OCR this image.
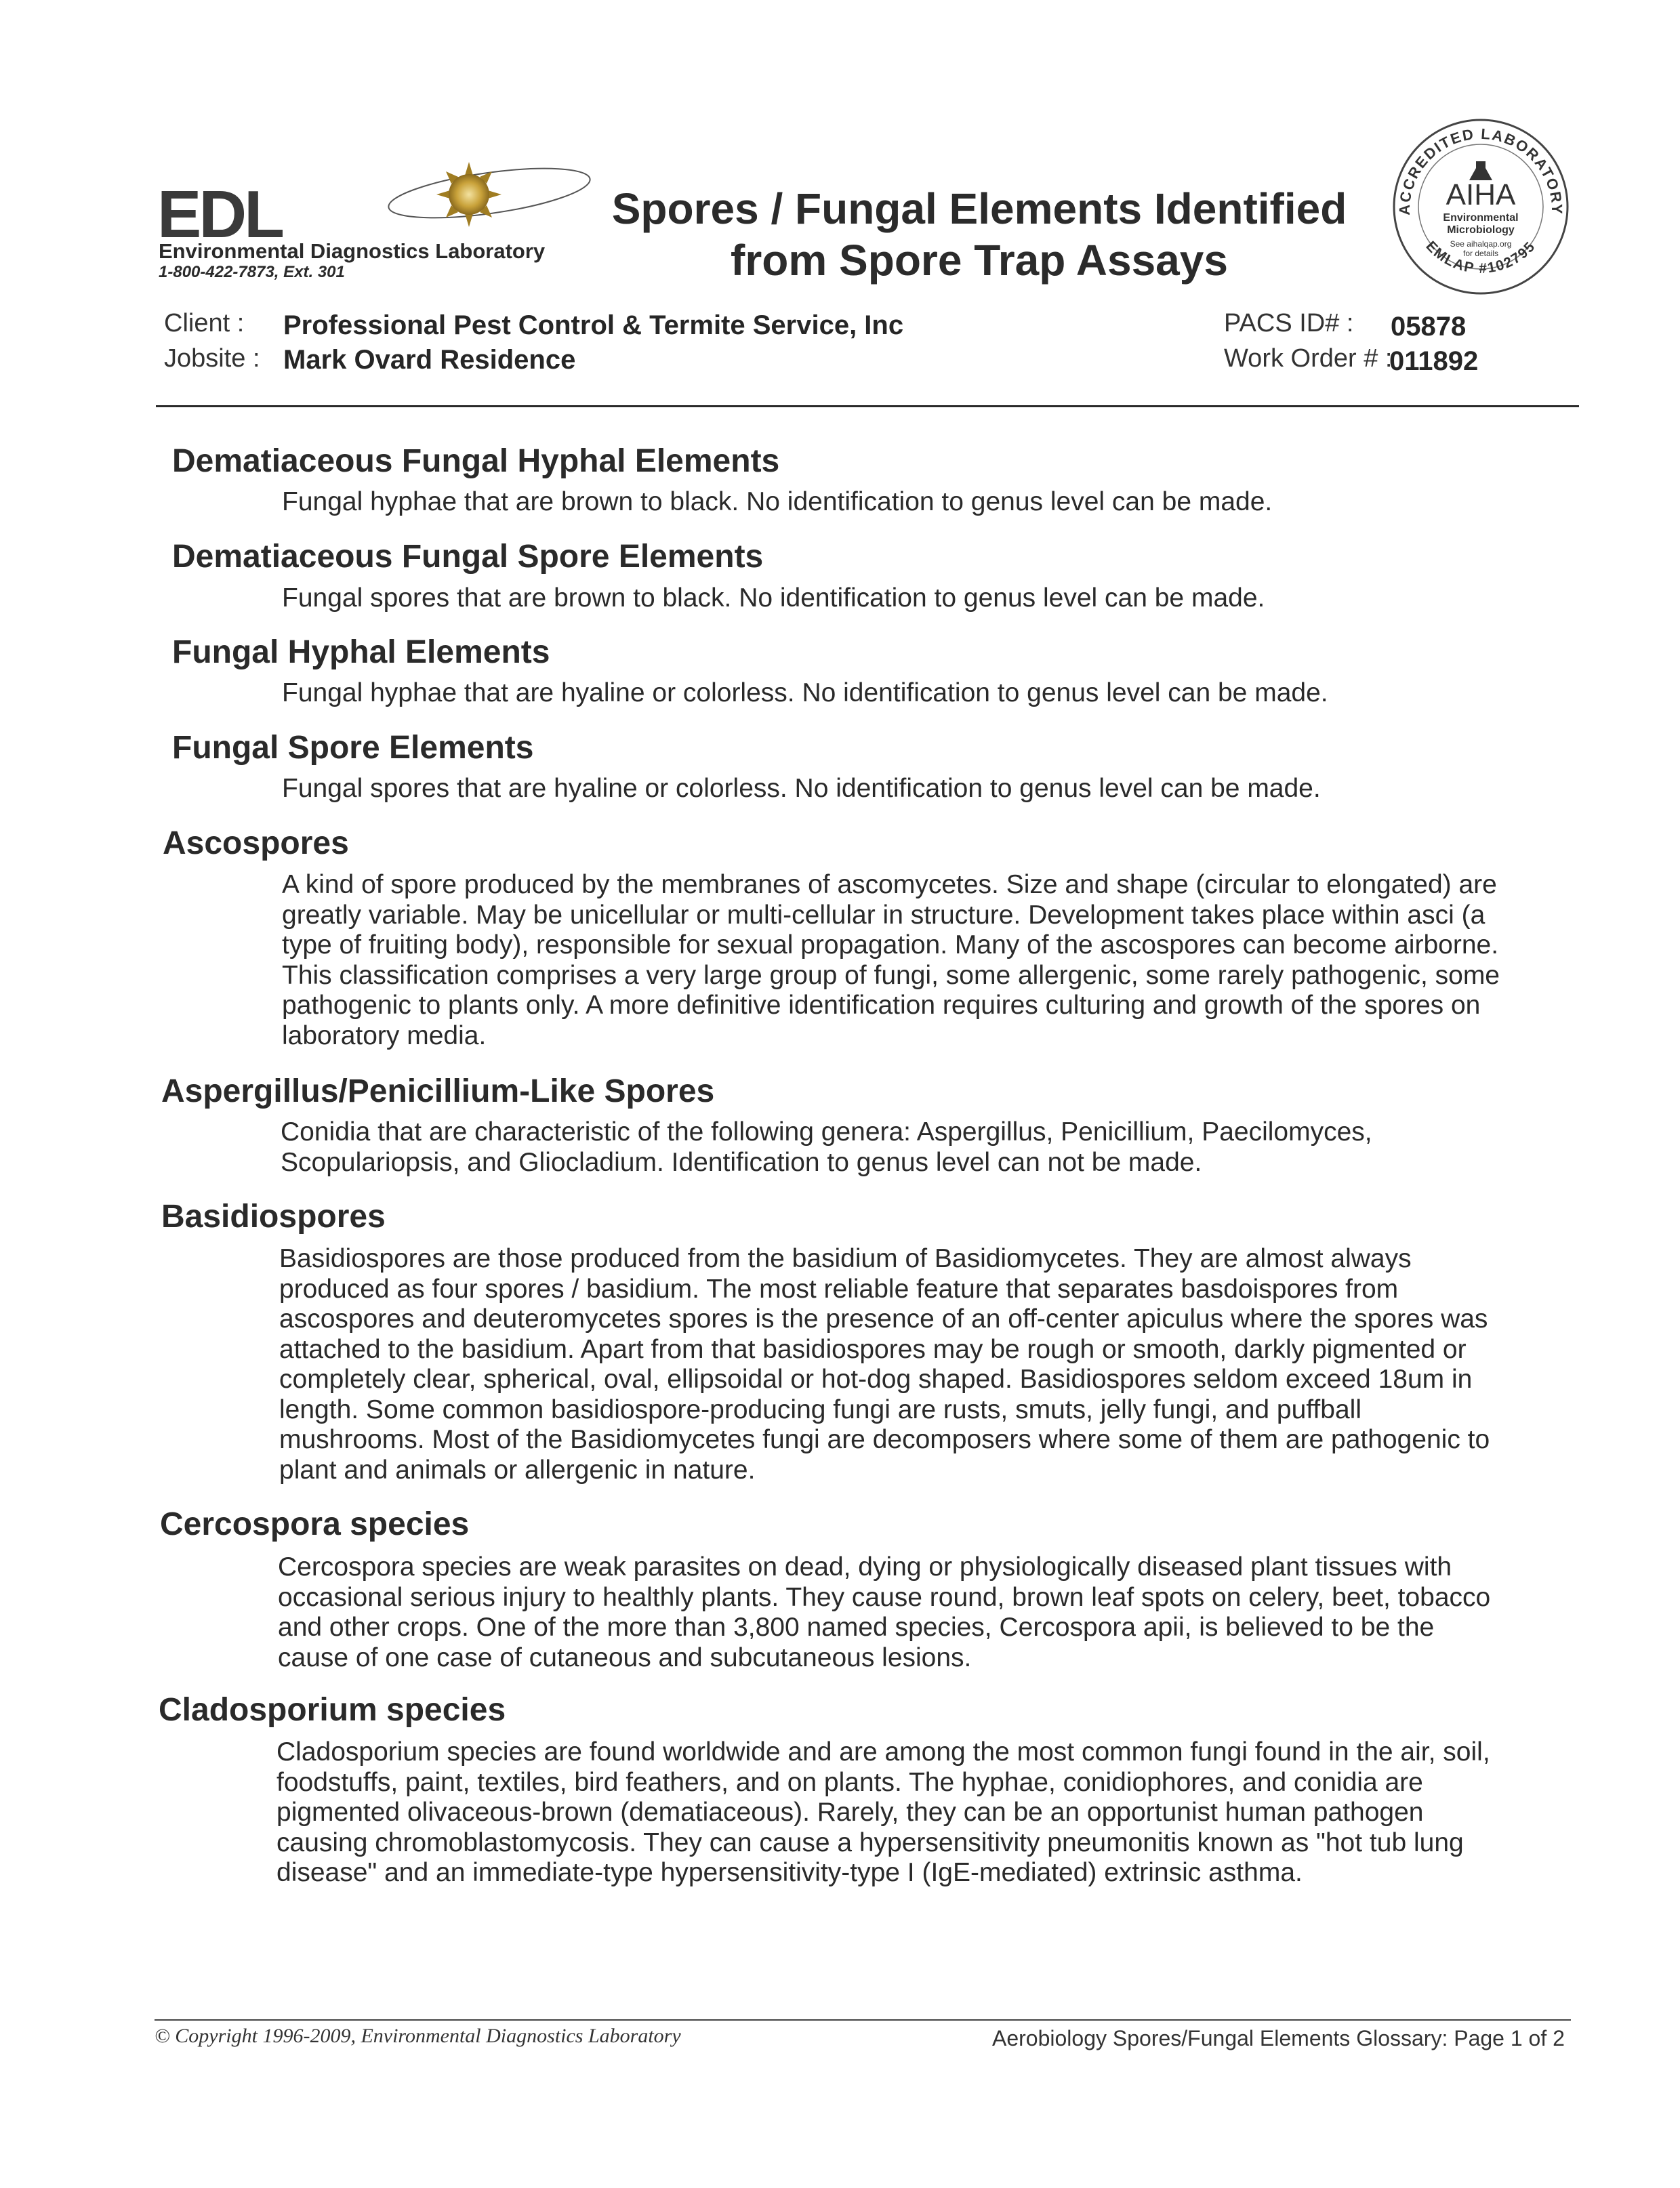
EDL
Environmental Diagnostics Laboratory
1-800-422-7873, Ext. 301
Spores / Fungal Elements Identified
from Spore Trap Assays
ACCREDITED LABORATORY
EMLAP #102795
AIHA
Environmental
Microbiology
See aihalqap.org
for details
Client : Professional Pest Control & Termite Service, Inc
Jobsite : Mark Ovard Residence
PACS ID# : 05878
Work Order # :
011892
Dematiaceous Fungal Hyphal Elements
Fungal hyphae that are brown to black. No identification to genus level can be made.
Dematiaceous Fungal Spore Elements
Fungal spores that are brown to black. No identification to genus level can be made.
Fungal Hyphal Elements
Fungal hyphae that are hyaline or colorless. No identification to genus level can be made.
Fungal Spore Elements
Fungal spores that are hyaline or colorless. No identification to genus level can be made.
Ascospores
A kind of spore produced by the membranes of ascomycetes. Size and shape (circular to elongated) are
greatly variable. May be unicellular or multi-cellular in structure. Development takes place within asci (a
type of fruiting body), responsible for sexual propagation. Many of the ascospores can become airborne.
This classification comprises a very large group of fungi, some allergenic, some rarely pathogenic, some
pathogenic to plants only. A more definitive identification requires culturing and growth of the spores on
laboratory media.
Aspergillus/Penicillium-Like Spores
Conidia that are characteristic of the following genera: Aspergillus, Penicillium, Paecilomyces,
Scopulariopsis, and Gliocladium. Identification to genus level can not be made.
Basidiospores
Basidiospores are those produced from the basidium of Basidiomycetes. They are almost always
produced as four spores / basidium. The most reliable feature that separates basdoispores from
ascospores and deuteromycetes spores is the presence of an off-center apiculus where the spores was
attached to the basidium. Apart from that basidiospores may be rough or smooth, darkly pigmented or
completely clear, spherical, oval, ellipsoidal or hot-dog shaped. Basidiospores seldom exceed 18um in
length. Some common basidiospore-producing fungi are rusts, smuts, jelly fungi, and puffball
mushrooms. Most of the Basidiomycetes fungi are decomposers where some of them are pathogenic to
plant and animals or allergenic in nature.
Cercospora species
Cercospora species are weak parasites on dead, dying or physiologically diseased plant tissues with
occasional serious injury to healthly plants. They cause round, brown leaf spots on celery, beet, tobacco
and other crops. One of the more than 3,800 named species, Cercospora apii, is believed to be the
cause of one case of cutaneous and subcutaneous lesions.
Cladosporium species
Cladosporium species are found worldwide and are among the most common fungi found in the air, soil,
foodstuffs, paint, textiles, bird feathers, and on plants. The hyphae, conidiophores, and conidia are
pigmented olivaceous-brown (dematiaceous). Rarely, they can be an opportunist human pathogen
causing chromoblastomycosis. They can cause a hypersensitivity pneumonitis known as "hot tub lung
disease" and an immediate-type hypersensitivity-type I (IgE-mediated) extrinsic asthma.
© Copyright 1996-2009, Environmental Diagnostics Laboratory	Aerobiology Spores/Fungal Elements Glossary: Page 1 of 2
